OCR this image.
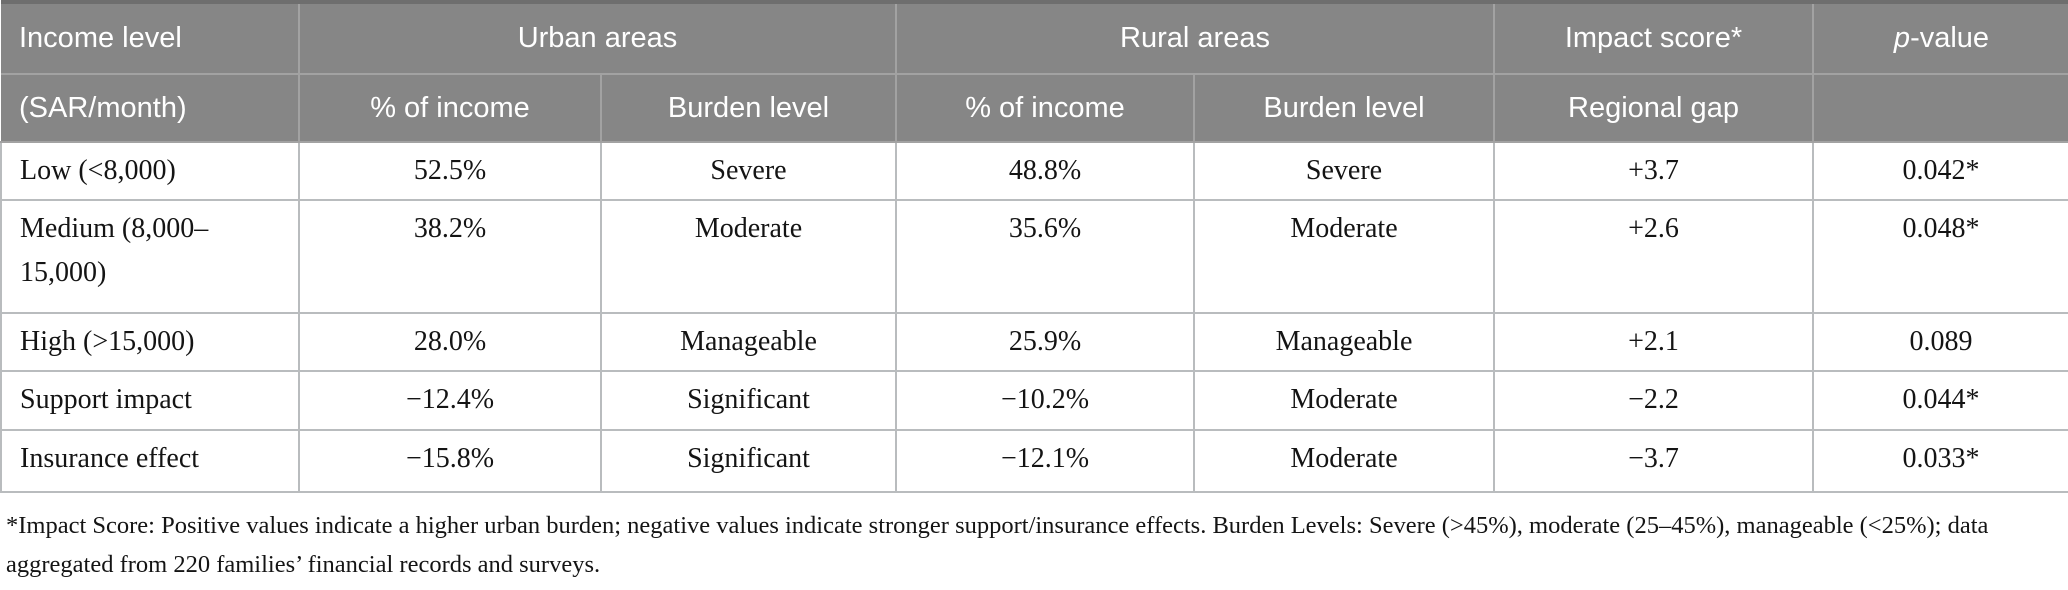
Income level	Urban areas		Rural areas		Impact score*	p-value
(SAR/month)	% of income	Burden level	% of income	Burden level	Regional gap	
Low (<8,000)	52.5%	Severe	48.8%	Severe	+3.7	0.042*
Medium (8,000–15,000)	38.2%	Moderate	35.6%	Moderate	+2.6	0.048*
High (>15,000)	28.0%	Manageable	25.9%	Manageable	+2.1	0.089
Support impact	−12.4%	Significant	−10.2%	Moderate	−2.2	0.044*
Insurance effect	−15.8%	Significant	−12.1%	Moderate	−3.7	0.033*
*Impact Score: Positive values indicate a higher urban burden; negative values indicate stronger support/insurance effects. Burden Levels: Severe (>45%), moderate (25–45%), manageable (<25%); data aggregated from 220 families’ financial records and surveys.
